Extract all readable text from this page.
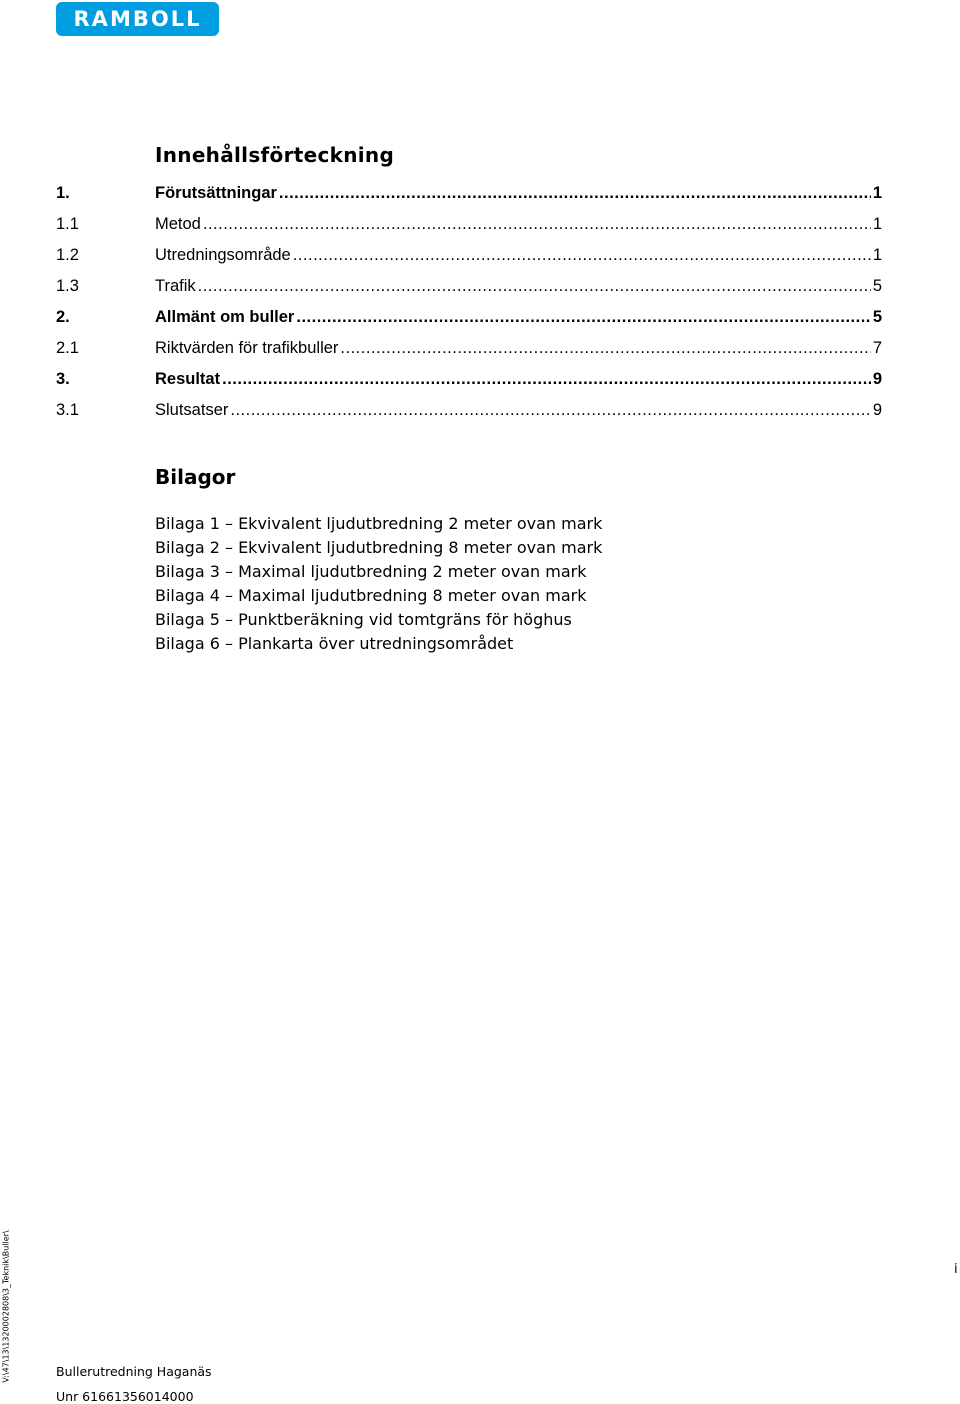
RAMBOLL
Innehållsförteckning
1.	Förutsättningar .....	1
1.1	Metod .....	1
1.2	Utredningsområde .....	1
1.3	Trafik .....	5
2.	Allmänt om buller .....	5
2.1	Riktvärden för trafikbuller .....	7
3.	Resultat .....	9
3.1	Slutsatser .....	9
Bilagor
Bilaga 1 – Ekvivalent ljudutbredning 2 meter ovan mark
Bilaga 2 – Ekvivalent ljudutbredning 8 meter ovan mark
Bilaga 3 – Maximal ljudutbredning 2 meter ovan mark
Bilaga 4 – Maximal ljudutbredning 8 meter ovan mark
Bilaga 5 – Punktberäkning vid tomtgräns för höghus
Bilaga 6 – Plankarta över utredningsområdet
V:\47\13\1320002808\3_Teknik\Buller\	i
Bullerutredning Haganäs
Unr 61661356014000
